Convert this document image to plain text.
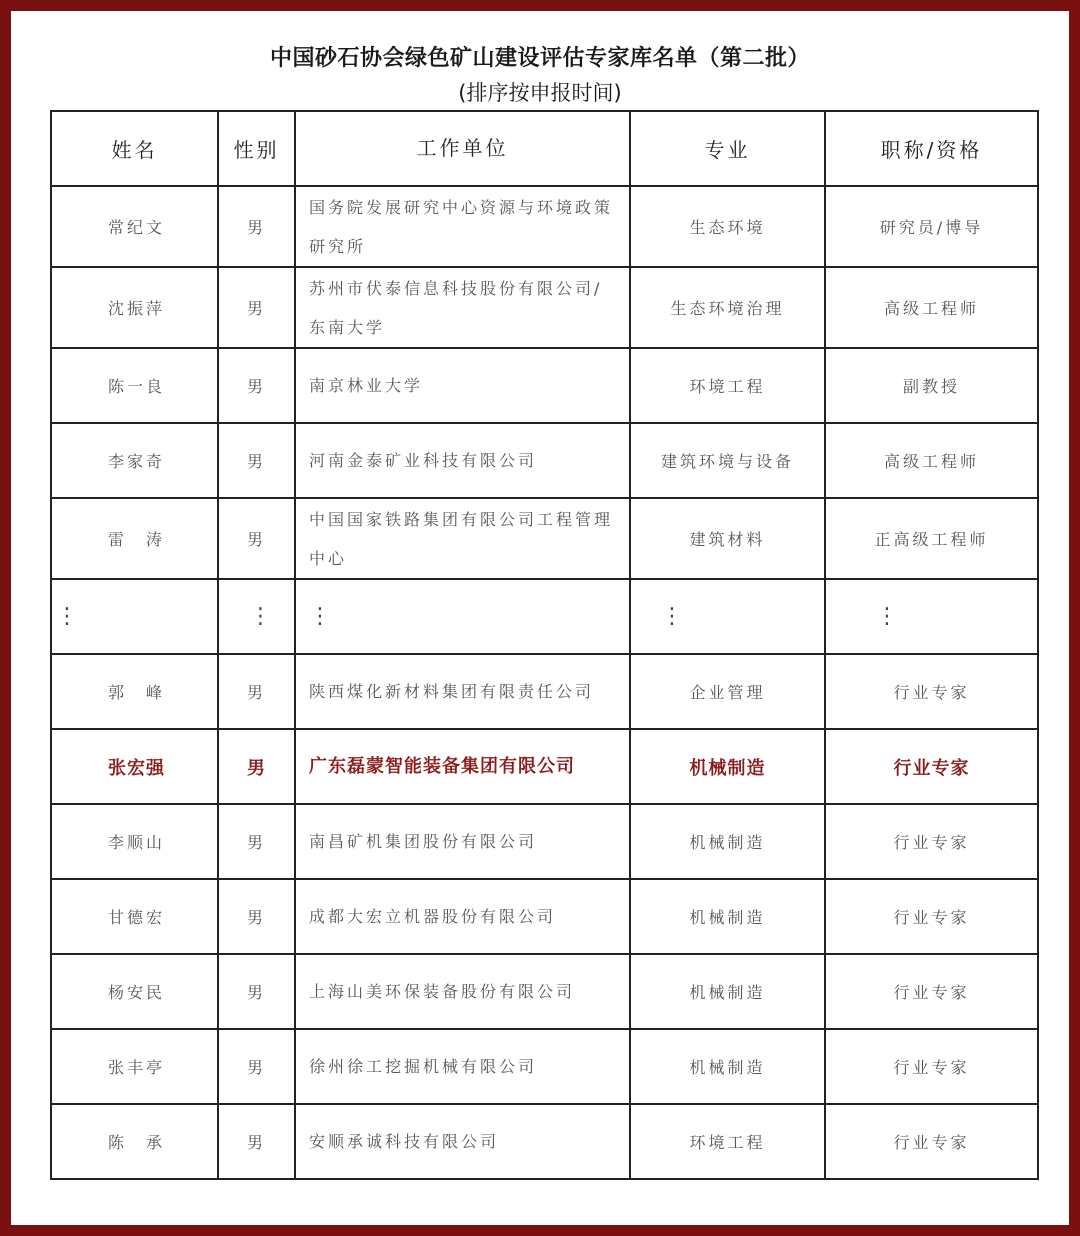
中国砂石协会绿色矿山建设评估专家库名单（第二批）
(排序按申报时间)
姓名	性别	工作单位	专业	职称/资格
常纪文	男	国务院发展研究中心资源与环境政策研究所	生态环境	研究员/博导
沈振萍	男	苏州市伏泰信息科技股份有限公司/东南大学	生态环境治理	高级工程师
陈一良	男	南京林业大学	环境工程	副教授
李家奇	男	河南金泰矿业科技有限公司	建筑环境与设备	高级工程师
雷　涛	男	中国国家铁路集团有限公司工程管理中心	建筑材料	正高级工程师
⋮	⋮	⋮	⋮	⋮
郭　峰	男	陕西煤化新材料集团有限责任公司	企业管理	行业专家
张宏强	男	广东磊蒙智能装备集团有限公司	机械制造	行业专家
李顺山	男	南昌矿机集团股份有限公司	机械制造	行业专家
甘德宏	男	成都大宏立机器股份有限公司	机械制造	行业专家
杨安民	男	上海山美环保装备股份有限公司	机械制造	行业专家
张丰亭	男	徐州徐工挖掘机械有限公司	机械制造	行业专家
陈　承	男	安顺承诚科技有限公司	环境工程	行业专家
